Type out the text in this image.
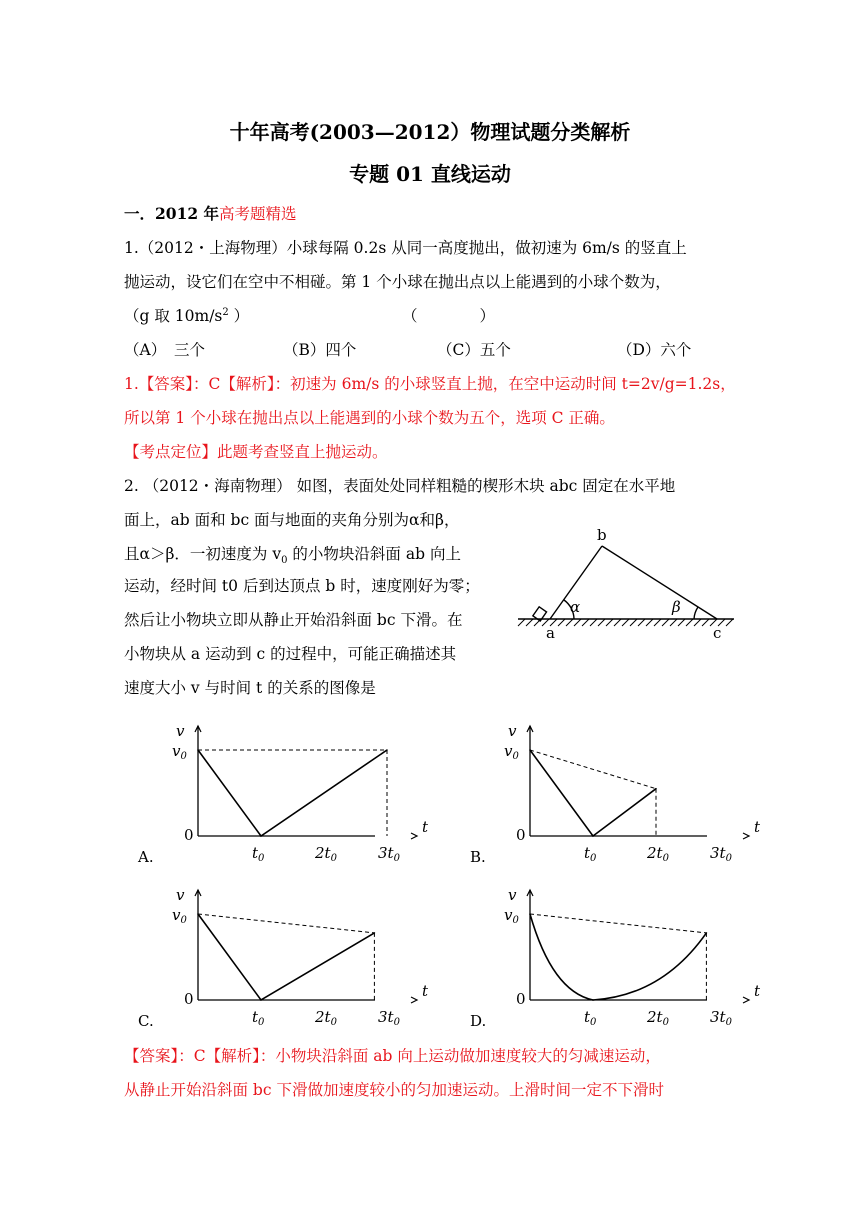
十年高考(2003—2012）物理试题分类解析
专题 01 直线运动
一．2012 年高考题精选
1.（2012・上海物理）小球每隔 0.2s 从同一高度抛出，做初速为 6m/s 的竖直上
抛运动，设它们在空中不相碰。第 1 个小球在抛出点以上能遇到的小球个数为，
（g 取 $10m/s^2$ ）	（　　　　）
（A）　三个	（B）四个	（C）五个	（D）六个
1.【答案】：C【解析】：初速为 6m/s 的小球竖直上抛，在空中运动时间 t=2v/g=1.2s，
所以第 1 个小球在抛出点以上能遇到的小球个数为五个，选项 C 正确。
【考点定位】此题考查竖直上抛运动。
2. （2012・海南物理） 如图，表面处处同样粗糙的楔形木块 abc 固定在水平地
面上，ab 面和 bc 面与地面的夹角分别为α和β，
且α＞β．一初速度为 $v_0$ 的小物块沿斜面 ab 向上
运动，经时间 t0 后到达顶点 b 时，速度刚好为零；
然后让小物块立即从静止开始沿斜面 bc 下滑。在
小物块从 a 运动到 c 的过程中，可能正确描述其
速度大小 v 与时间 t 的关系的图像是
b
a	c
α	β
v
$v_0$
0	t
$t_0$	$2t_0$	$3t_0$
A.
v
$v_0$
0	t
$t_0$	$2t_0$	$3t_0$
B.
v
$v_0$
0	t
$t_0$	$2t_0$	$3t_0$
C.
v
$v_0$
0	t
$t_0$	$2t_0$	$3t_0$
D.
【答案】：C【解析】：小物块沿斜面 ab 向上运动做加速度较大的匀减速运动，
从静止开始沿斜面 bc 下滑做加速度较小的匀加速运动。上滑时间一定不下滑时
